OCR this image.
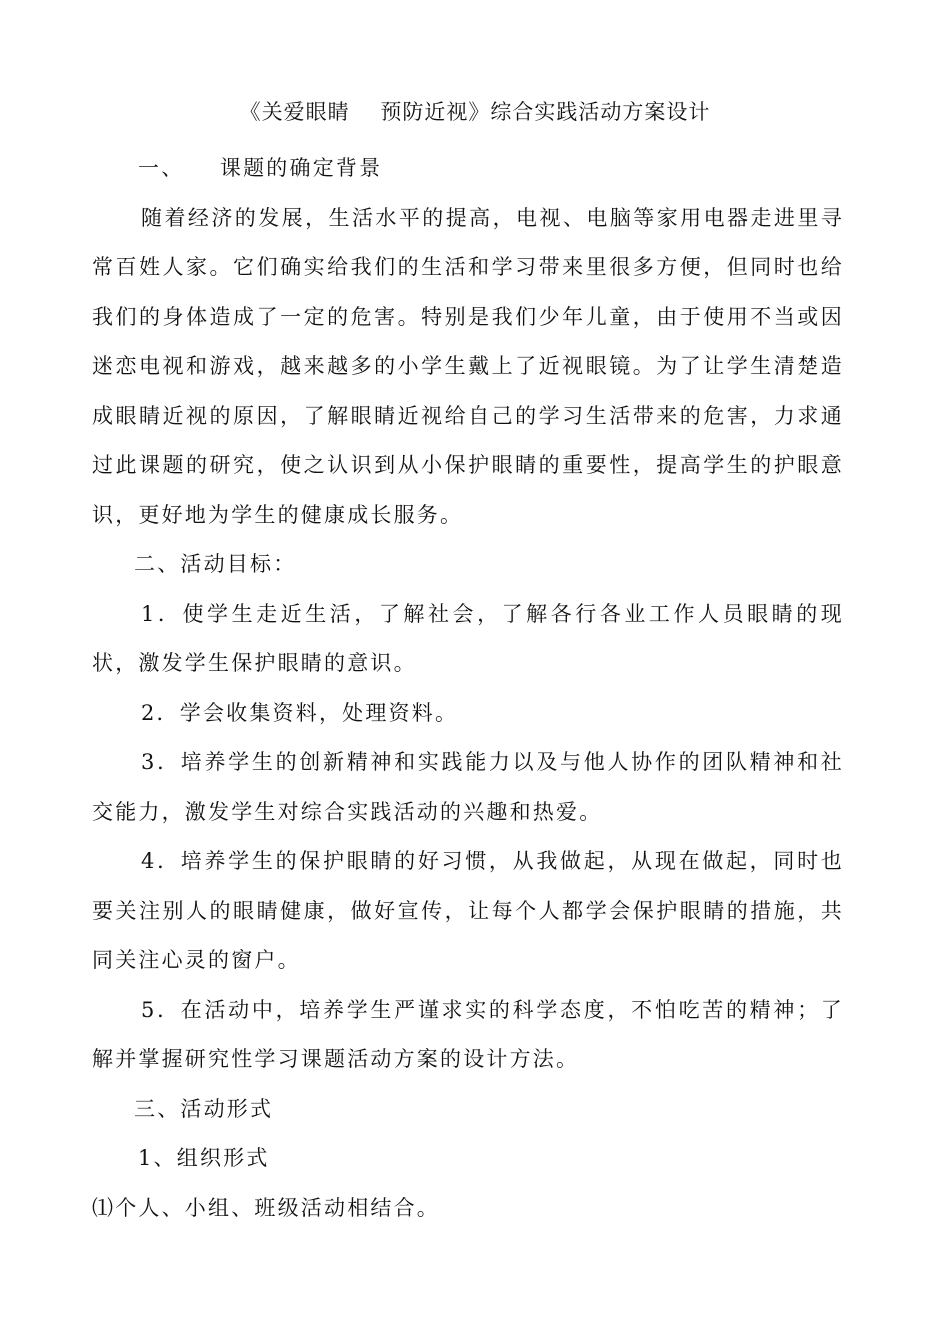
《关爱眼睛    预防近视》综合实践活动方案设计

一、    课题的确定背景

随着经济的发展，生活水平的提高，电视、电脑等家用电器走进里寻常百姓人家。它们确实给我们的生活和学习带来里很多方便，但同时也给我们的身体造成了一定的危害。特别是我们少年儿童，由于使用不当或因迷恋电视和游戏，越来越多的小学生戴上了近视眼镜。为了让学生清楚造成眼睛近视的原因，了解眼睛近视给自己的学习生活带来的危害，力求通过此课题的研究，使之认识到从小保护眼睛的重要性，提高学生的护眼意识，更好地为学生的健康成长服务。

二、活动目标：

1．使学生走近生活，了解社会，了解各行各业工作人员眼睛的现状，激发学生保护眼睛的意识。

2．学会收集资料，处理资料。

3．培养学生的创新精神和实践能力以及与他人协作的团队精神和社交能力，激发学生对综合实践活动的兴趣和热爱。

4．培养学生的保护眼睛的好习惯，从我做起，从现在做起，同时也要关注别人的眼睛健康，做好宣传，让每个人都学会保护眼睛的措施，共同关注心灵的窗户。

5．在活动中，培养学生严谨求实的科学态度，不怕吃苦的精神；了解并掌握研究性学习课题活动方案的设计方法。

三、活动形式

1、组织形式

⑴个人、小组、班级活动相结合。
